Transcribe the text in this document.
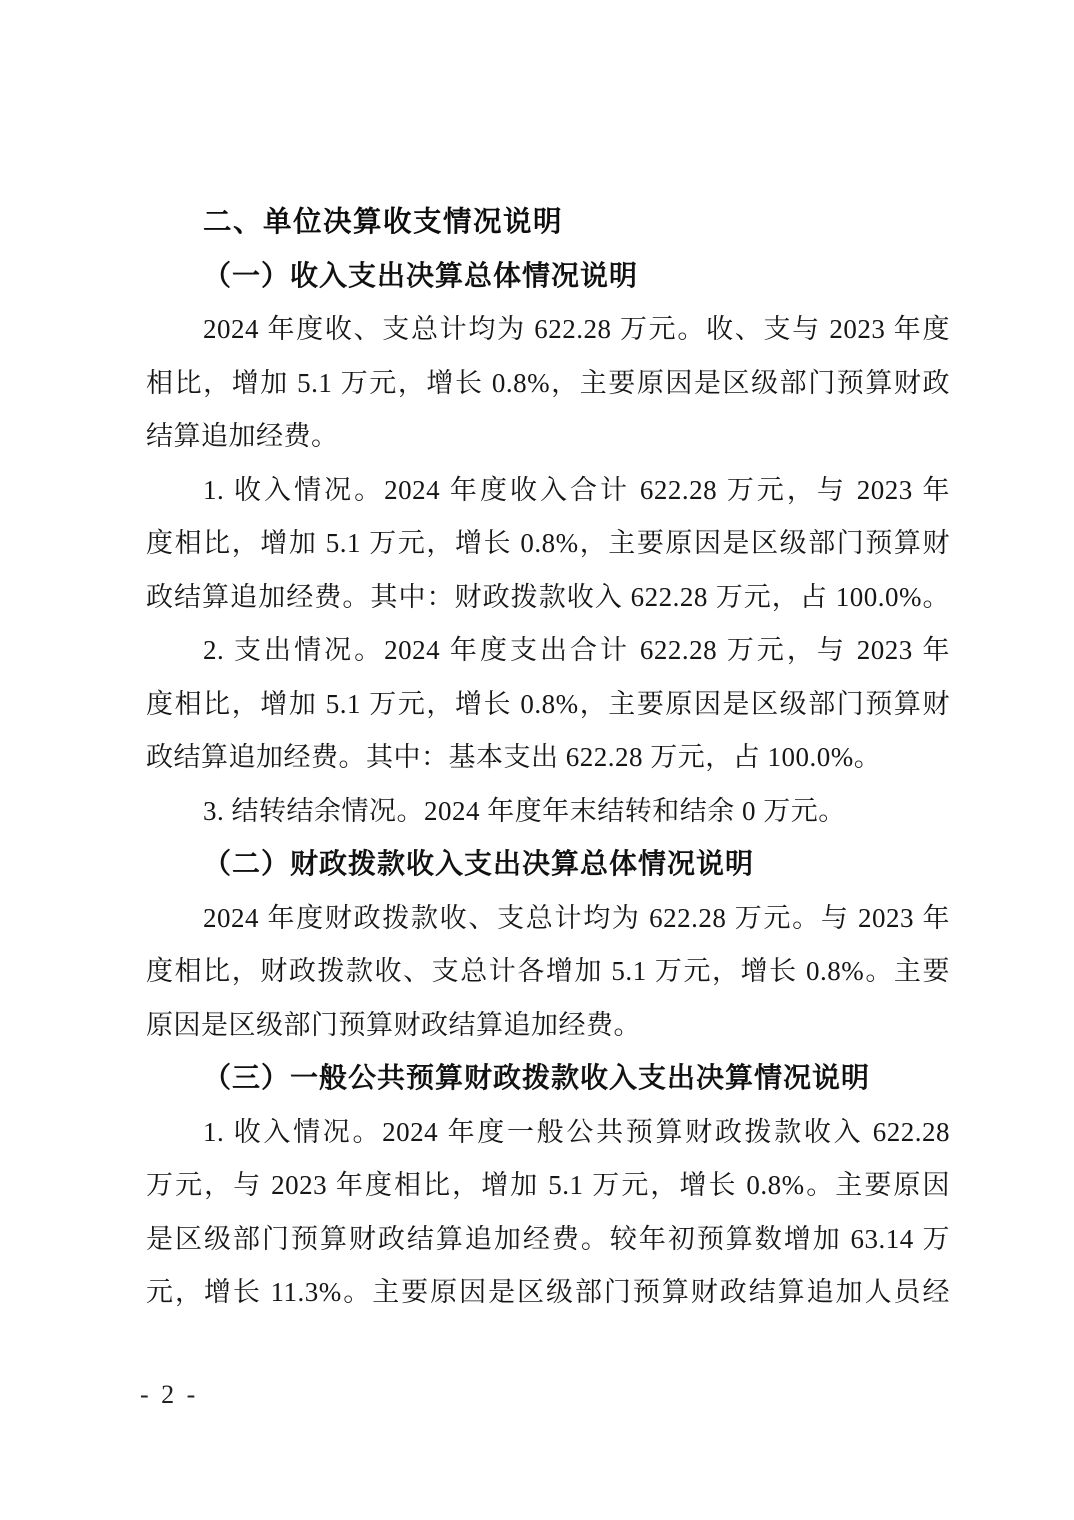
二、单位决算收支情况说明
（一）收入支出决算总体情况说明
2024 年度收、支总计均为 622.28 万元。收、支与 2023 年度
相比，增加 5.1 万元，增长 0.8%，主要原因是区级部门预算财政
结算追加经费。
1. 收入情况。2024 年度收入合计 622.28 万元，与 2023 年
度相比，增加 5.1 万元，增长 0.8%，主要原因是区级部门预算财
政结算追加经费。其中：财政拨款收入 622.28 万元，占 100.0%。
2. 支出情况。2024 年度支出合计 622.28 万元，与 2023 年
度相比，增加 5.1 万元，增长 0.8%，主要原因是区级部门预算财
政结算追加经费。其中：基本支出 622.28 万元，占 100.0%。
3. 结转结余情况。2024 年度年末结转和结余 0 万元。
（二）财政拨款收入支出决算总体情况说明
2024 年度财政拨款收、支总计均为 622.28 万元。与 2023 年
度相比，财政拨款收、支总计各增加 5.1 万元，增长 0.8%。主要
原因是区级部门预算财政结算追加经费。
（三）一般公共预算财政拨款收入支出决算情况说明
1. 收入情况。2024 年度一般公共预算财政拨款收入 622.28
万元，与 2023 年度相比，增加 5.1 万元，增长 0.8%。主要原因
是区级部门预算财政结算追加经费。较年初预算数增加 63.14 万
元，增长 11.3%。主要原因是区级部门预算财政结算追加人员经
- 2 -
